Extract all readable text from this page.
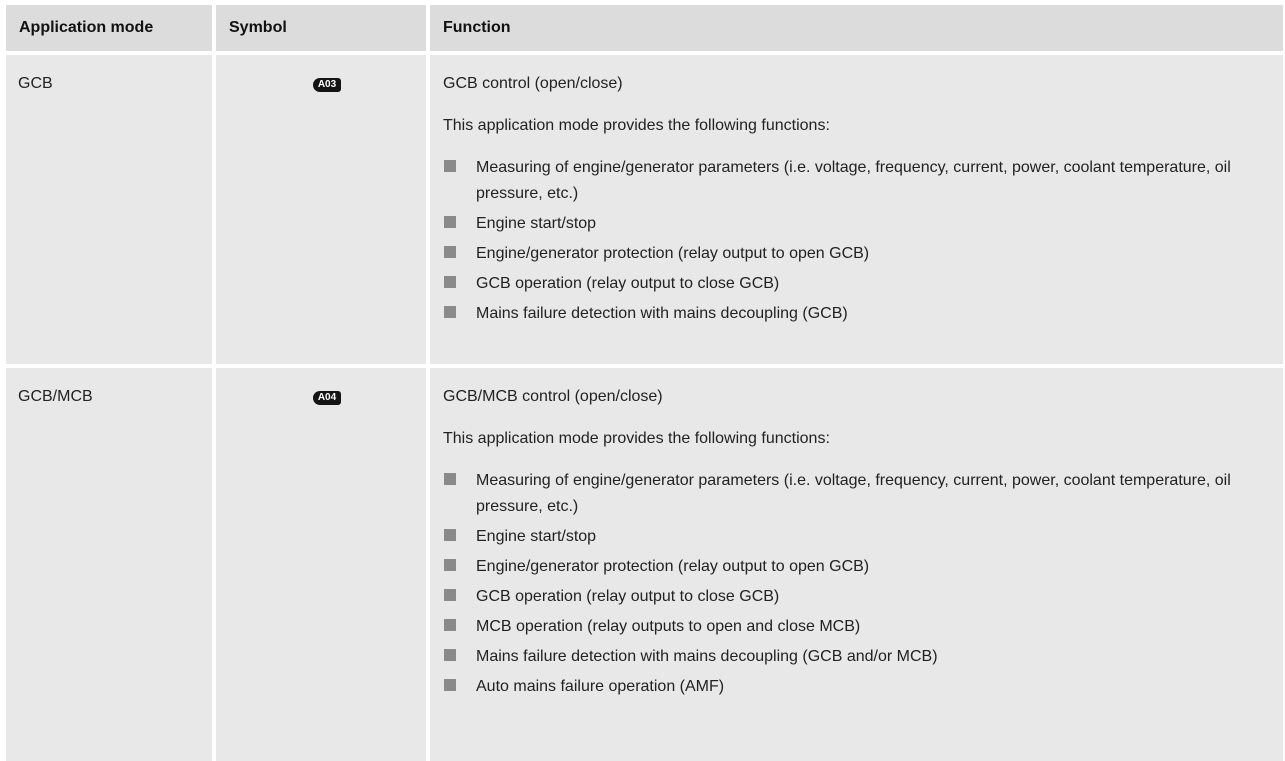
Application mode	Symbol	Function
GCB	A03	GCB control (open/close)

This application mode provides the following functions:

Measuring of engine/generator parameters (i.e. voltage, frequency, current, power, coolant temperature, oil pressure, etc.)
Engine start/stop
Engine/generator protection (relay output to open GCB)
GCB operation (relay output to close GCB)
Mains failure detection with mains decoupling (GCB)
GCB/MCB	A04	GCB/MCB control (open/close)

This application mode provides the following functions:

Measuring of engine/generator parameters (i.e. voltage, frequency, current, power, coolant temperature, oil pressure, etc.)
Engine start/stop
Engine/generator protection (relay output to open GCB)
GCB operation (relay output to close GCB)
MCB operation (relay outputs to open and close MCB)
Mains failure detection with mains decoupling (GCB and/or MCB)
Auto mains failure operation (AMF)
